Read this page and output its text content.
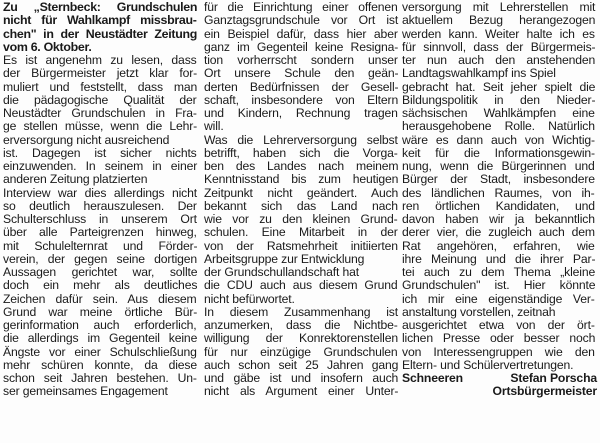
Zu „Sternbeck: Grundschulen
nicht für Wahlkampf missbrau-
chen" in der Neustädter Zeitung
vom 6. Oktober.
Es ist angenehm zu lesen, dass
der Bürgermeister jetzt klar for-
muliert und feststellt, dass man
die pädagogische Qualität der
Neustädter Grundschulen in Fra-
ge stellen müsse, wenn die Lehr-
erversorgung nicht ausreichend
ist. Dagegen ist sicher nichts
einzuwenden. In seinem in einer
anderen Zeitung platzierten
Interview war dies allerdings nicht
so deutlich herauszulesen. Der
Schulterschluss in unserem Ort
über alle Parteigrenzen hinweg,
mit Schulelternrat und Förder-
verein, der gegen seine dortigen
Aussagen gerichtet war, sollte
doch ein mehr als deutliches
Zeichen dafür sein. Aus diesem
Grund war meine örtliche Bür-
gerinformation auch erforderlich,
die allerdings im Gegenteil keine
Ängste vor einer Schulschließung
mehr schüren konnte, da diese
schon seit Jahren bestehen. Un-
ser gemeinsames Engagement
für die Einrichtung einer offenen
Ganztagsgrundschule vor Ort ist
ein Beispiel dafür, dass hier aber
ganz im Gegenteil keine Resigna-
tion vorherrscht sondern unser
Ort unsere Schule den geän-
derten Bedürfnissen der Gesell-
schaft, insbesondere von Eltern
und Kindern, Rechnung tragen
will.
Was die Lehrerversorgung selbst
betrifft, haben sich die Vorga-
ben des Landes nach meinem
Kenntnisstand bis zum heutigen
Zeitpunkt nicht geändert. Auch
bekannt sich das Land nach
wie vor zu den kleinen Grund-
schulen. Eine Mitarbeit in der
von der Ratsmehrheit initiierten
Arbeitsgruppe zur Entwicklung
der Grundschullandschaft hat
die CDU auch aus diesem Grund
nicht befürwortet.
In diesem Zusammenhang ist
anzumerken, dass die Nichtbe-
willigung der Konrektorenstellen
für nur einzügige Grundschulen
auch schon seit 25 Jahren gang
und gäbe ist und insofern auch
nicht als Argument einer Unter-
versorgung mit Lehrerstellen mit
aktuellem Bezug herangezogen
werden kann. Weiter halte ich es
für sinnvoll, dass der Bürgermeis-
ter nun auch den anstehenden
Landtagswahlkampf ins Spiel
gebracht hat. Seit jeher spielt die
Bildungspolitik in den Nieder-
sächsischen Wahlkämpfen eine
herausgehobene Rolle. Natürlich
wäre es dann auch von Wichtig-
keit für die Informationsgewin-
nung, wenn die Bürgerinnen und
Bürger der Stadt, insbesondere
des ländlichen Raumes, von ih-
ren örtlichen Kandidaten, und
davon haben wir ja bekanntlich
derer vier, die zugleich auch dem
Rat angehören, erfahren, wie
ihre Meinung und die ihrer Par-
tei auch zu dem Thema „kleine
Grundschulen" ist. Hier könnte
ich mir eine eigenständige Ver-
anstaltung vorstellen, zeitnah
ausgerichtet etwa von der ört-
lichen Presse oder besser noch
von Interessengruppen wie den
Eltern- und Schülervertretungen.
Schneeren	Stefan Porscha
Ortsbürgermeister
